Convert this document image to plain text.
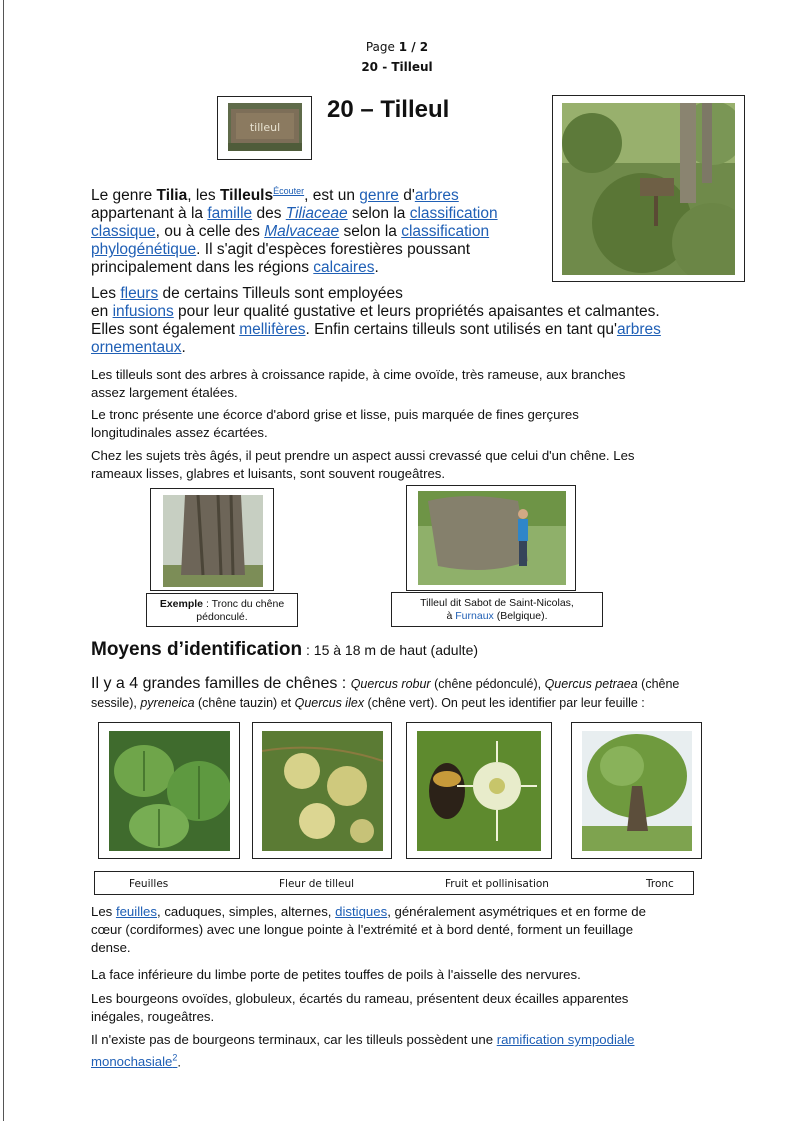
Page 1 / 2
20 - Tilleul
tilleul
20 – Tilleul

Le genre Tilia, les Tilleuls$^{Écouter}$, est un genre d'arbres
appartenant à la famille des Tiliaceae selon la classification
classique, ou à celle des Malvaceae selon la classification
phylogénétique. Il s'agit d'espèces forestières poussant
principalement dans les régions calcaires.

Les fleurs de certains Tilleuls sont employées
en infusions pour leur qualité gustative et leurs propriétés apaisantes et calmantes.
Elles sont également mellifères. Enfin certains tilleuls sont utilisés en tant qu'arbres
ornementaux.

Les tilleuls sont des arbres à croissance rapide, à cime ovoïde, très rameuse, aux branches
assez largement étalées.

Le tronc présente une écorce d'abord grise et lisse, puis marquée de fines gerçures
longitudinales assez écartées.

Chez les sujets très âgés, il peut prendre un aspect aussi crevassé que celui d'un chêne. Les
rameaux lisses, glabres et luisants, sont souvent rougeâtres.

Exemple : Tronc du chêne
pédonculé.
Tilleul dit Sabot de Saint-Nicolas,
à Furnaux (Belgique).
Moyens d’identification : 15 à 18 m de haut (adulte)

Il y a 4 grandes familles de chênes : Quercus robur (chêne pédonculé), Quercus petraea (chêne
sessile), pyreneica (chêne tauzin) et Quercus ilex (chêne vert). On peut les identifier par leur feuille :

Feuilles	Fleur de tilleul	Fruit et pollinisation	Tronc

Les feuilles, caduques, simples, alternes, distiques, généralement asymétriques et en forme de
cœur (cordiformes) avec une longue pointe à l'extrémité et à bord denté, forment un feuillage
dense.

La face inférieure du limbe porte de petites touffes de poils à l'aisselle des nervures.

Les bourgeons ovoïdes, globuleux, écartés du rameau, présentent deux écailles apparentes
inégales, rougeâtres.

Il n'existe pas de bourgeons terminaux, car les tilleuls possèdent une ramification sympodiale
monochasiale$^2$.
